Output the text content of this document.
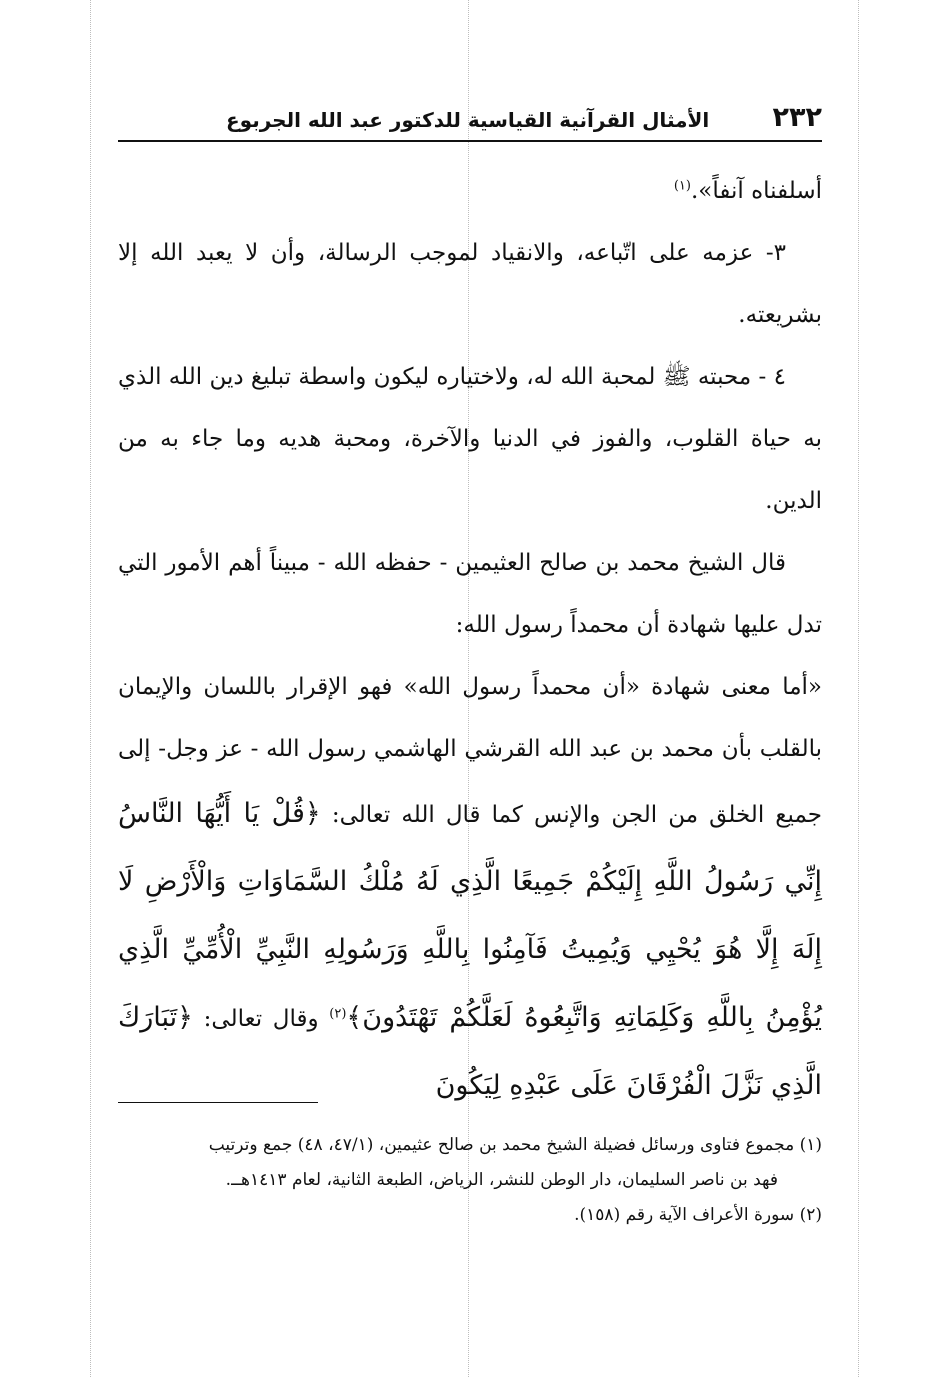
٢٣٢
الأمثال القرآنية القياسية للدكتور عبد الله الجربوع

أسلفناه آنفاً».$^{(١)}$

٣- عزمه على اتّباعه، والانقياد لموجب الرسالة، وأن لا يعبد الله إلا بشريعته.

٤ - محبته ﷺ لمحبة الله له، ولاختياره ليكون واسطة تبليغ دين الله الذي به حياة القلوب، والفوز في الدنيا والآخرة، ومحبة هديه وما جاء به من الدين.

قال الشيخ محمد بن صالح العثيمين - حفظه الله - مبيناً أهم الأمور التي تدل عليها شهادة أن محمداً رسول الله:

«أما معنى شهادة «أن محمداً رسول الله» فهو الإقرار باللسان والإيمان بالقلب بأن محمد بن عبد الله القرشي الهاشمي رسول الله - عز وجل- إلى جميع الخلق من الجن والإنس كما قال الله تعالى: ﴿قُلْ يَا أَيُّهَا النَّاسُ إِنِّي رَسُولُ اللَّهِ إِلَيْكُمْ جَمِيعًا الَّذِي لَهُ مُلْكُ السَّمَاوَاتِ وَالْأَرْضِ لَا إِلَهَ إِلَّا هُوَ يُحْيِي وَيُمِيتُ فَآمِنُوا بِاللَّهِ وَرَسُولِهِ النَّبِيِّ الْأُمِّيِّ الَّذِي يُؤْمِنُ بِاللَّهِ وَكَلِمَاتِهِ وَاتَّبِعُوهُ لَعَلَّكُمْ تَهْتَدُونَ﴾$^{(٢)}$ وقال تعالى: ﴿تَبَارَكَ الَّذِي نَزَّلَ الْفُرْقَانَ عَلَى عَبْدِهِ لِيَكُونَ

(١) مجموع فتاوى ورسائل فضيلة الشيخ محمد بن صالح عثيمين، (٤٧/١، ٤٨) جمع وترتيب

فهد بن ناصر السليمان، دار الوطن للنشر، الرياض، الطبعة الثانية، لعام ١٤١٣هــ.

(٢) سورة الأعراف الآية رقم (١٥٨).
